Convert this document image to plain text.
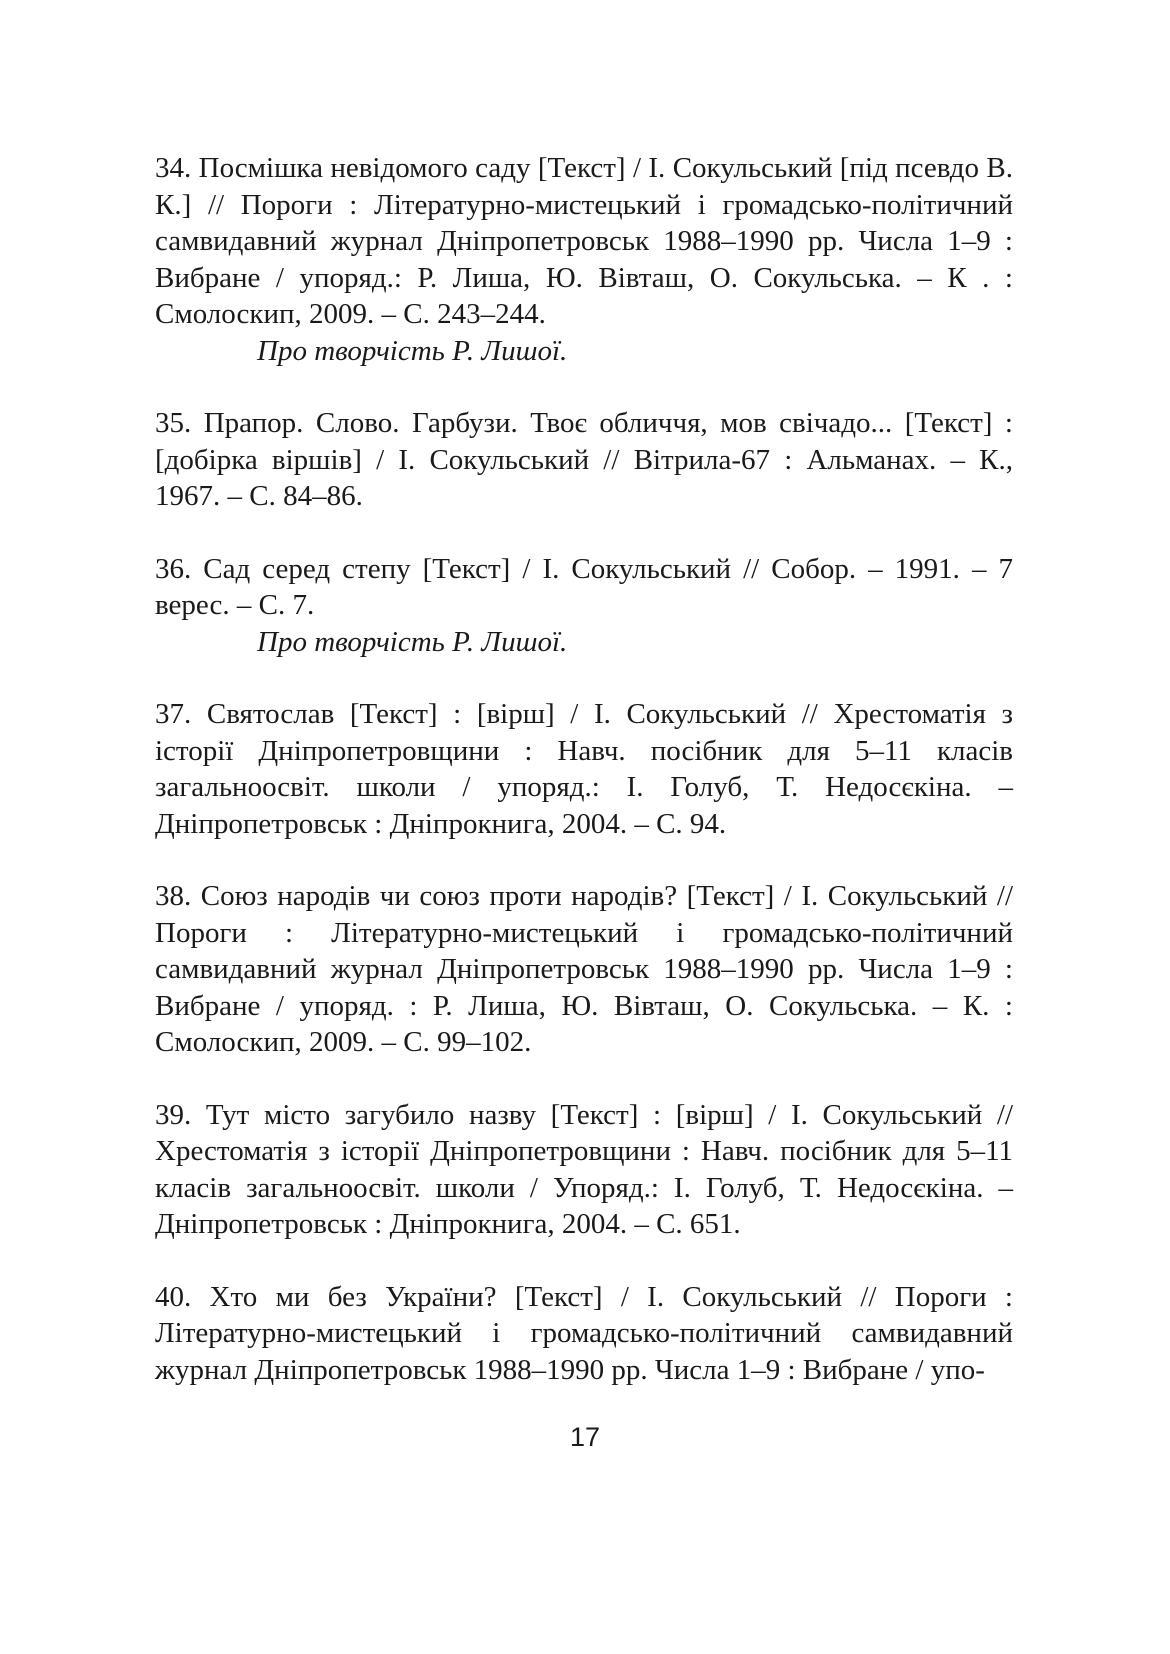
34. Посмішка невідомого саду [Текст] / І. Сокульський [під псевдо В. К.] // Пороги : Літературно-мистецький і громадсько-політичний самвидавний журнал Дніпропетровськ 1988–1990 рр. Числа 1–9 : Вибране / упоряд.: Р. Лиша, Ю. Вівташ, О. Сокульська. – К . : Смолоскип, 2009. – С. 243–244.

Про творчість Р. Лишої.

35. Прапор. Слово. Гарбузи. Твоє обличчя, мов свічадо... [Текст] : [добірка віршів] / І. Сокульський // Вітрила-67 : Альманах. – К., 1967. – С. 84–86.

36. Сад серед степу [Текст] / І. Сокульський // Собор. – 1991. – 7 верес. – С. 7.

Про творчість Р. Лишої.

37. Святослав [Текст] : [вірш] / І. Сокульський // Хрестоматія з історії Дніпропетровщини : Навч. посібник для 5–11 класів загальноосвіт. школи / упоряд.: І. Голуб, Т. Недосєкіна. – Дніпропетровськ : Дніпрокнига, 2004. – С. 94.

38. Союз народів чи союз проти народів? [Текст] / І. Сокульський // Пороги : Літературно-мистецький і громадсько-політичний самвидавний журнал Дніпропетровськ 1988–1990 рр. Числа 1–9 : Вибране / упоряд. : Р. Лиша, Ю. Вівташ, О. Сокульська. – К. : Смолоскип, 2009. – С. 99–102.

39. Тут місто загубило назву [Текст] : [вірш] / І. Сокульський // Хрестоматія з історії Дніпропетровщини : Навч. посібник для 5–11 класів загальноосвіт. школи / Упоряд.: І. Голуб, Т. Недосєкіна. – Дніпропетровськ : Дніпрокнига, 2004. – С. 651.

40. Хто ми без України? [Текст] / І. Сокульський // Пороги : Літературно-мистецький і громадсько-політичний самвидавний журнал Дніпропетровськ 1988–1990 рр. Числа 1–9 : Вибране / упо-

17
